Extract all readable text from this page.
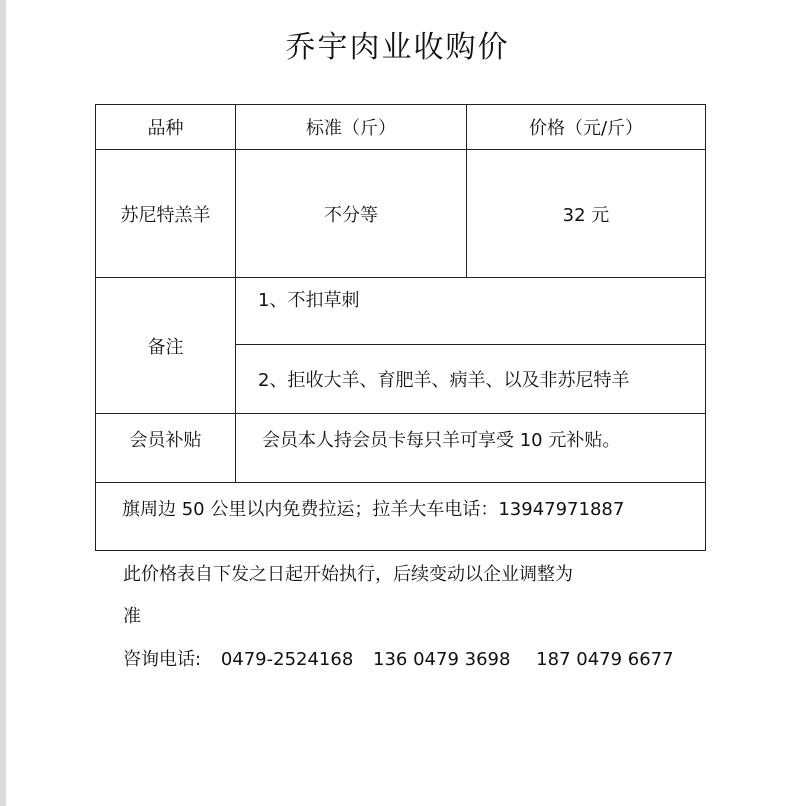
乔宇肉业收购价
品种	标准（斤）	价格（元/斤）
苏尼特羔羊	不分等	32 元
备注	1、不扣草刺	
	2、拒收大羊、育肥羊、病羊、以及非苏尼特羊	
会员补贴	会员本人持会员卡每只羊可享受 10 元补贴。	
旗周边 50 公里以内免费拉运；拉羊大车电话：13947971887		
此价格表自下发之日起开始执行，后续变动以企业调整为
准
咨询电话: 0479-2524168 136 0479 3698 187 0479 6677
